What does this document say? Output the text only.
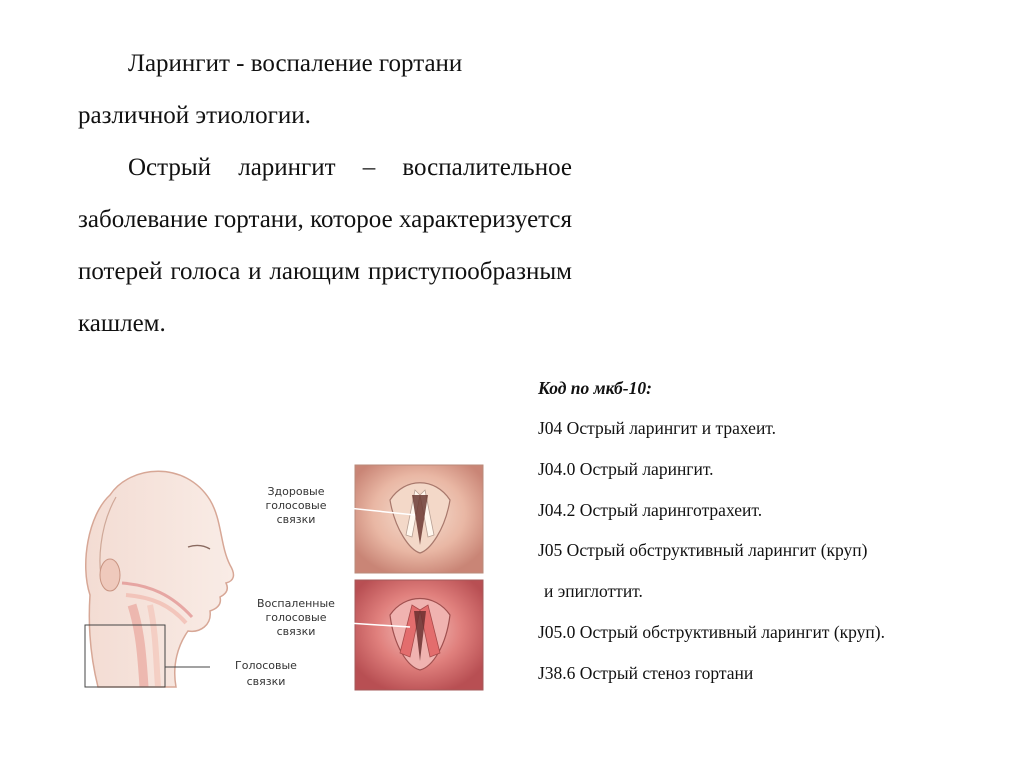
Ларингит - воспаление гортани

различной этиологии.

Острый ларингит – воспалительное заболевание гортани, которое характеризуется потерей голоса и лающим приступообразным кашлем.

Код по мкб-10:
J04 Острый ларингит и трахеит.
J04.0 Острый ларингит.
J04.2 Острый ларинготрахеит.
J05 Острый обструктивный ларингит (круп)
и эпиглоттит.
J05.0 Острый обструктивный ларингит (круп).
J38.6 Острый стеноз гортани
Здоровые
голосовые
связки
Воспаленные
голосовые
связки
Голосовые
связки
